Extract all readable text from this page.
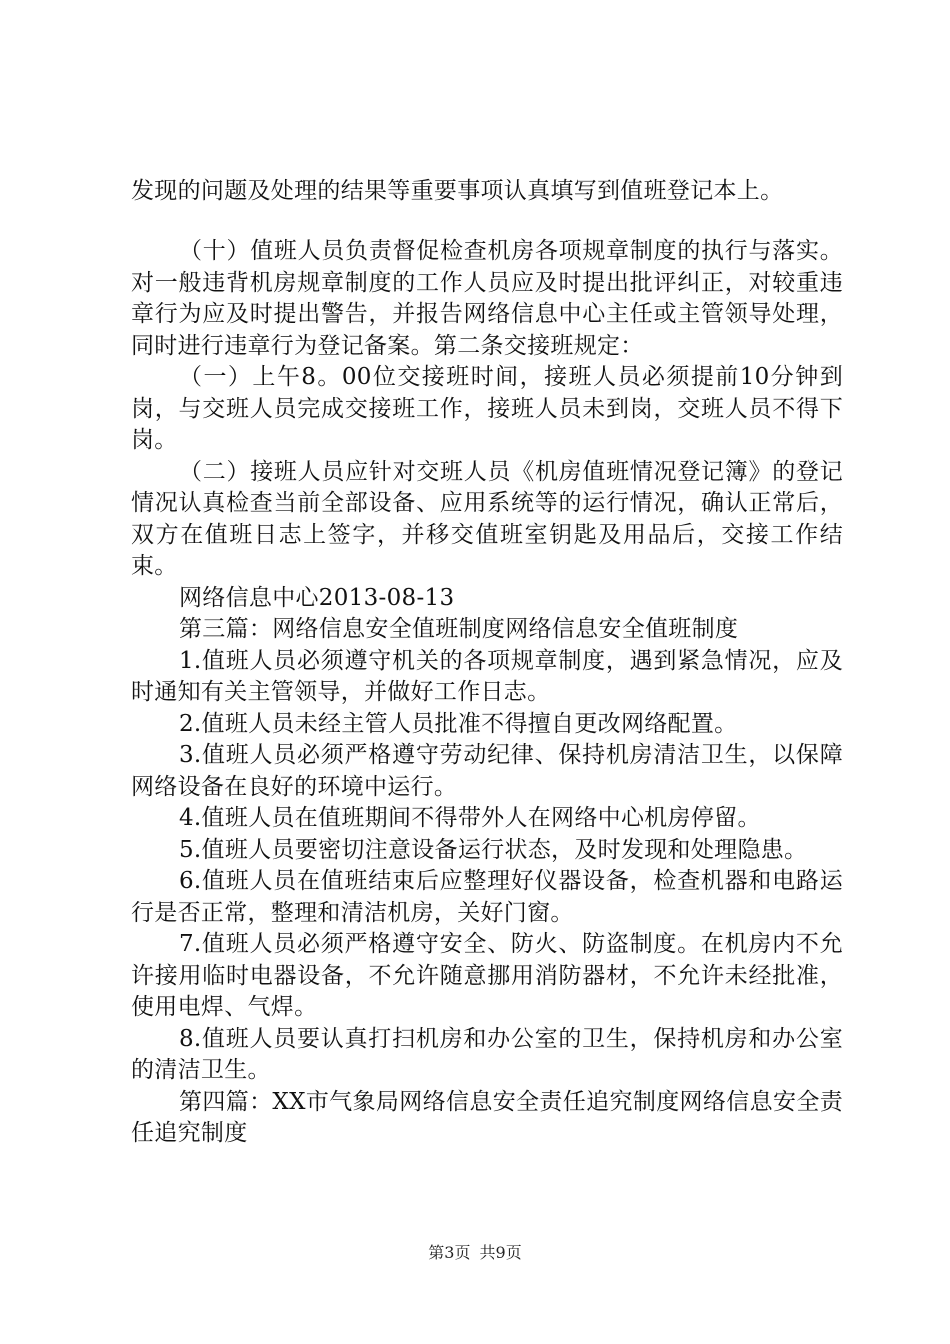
发现的问题及处理的结果等重要事项认真填写到值班登记本上。

（十）值班人员负责督促检查机房各项规章制度的执行与落实。对一般违背机房规章制度的工作人员应及时提出批评纠正，对较重违章行为应及时提出警告，并报告网络信息中心主任或主管领导处理，同时进行违章行为登记备案。第二条交接班规定：

（一）上午8。00位交接班时间，接班人员必须提前10分钟到岗，与交班人员完成交接班工作，接班人员未到岗，交班人员不得下岗。

（二）接班人员应针对交班人员《机房值班情况登记簿》的登记情况认真检查当前全部设备、应用系统等的运行情况，确认正常后，双方在值班日志上签字，并移交值班室钥匙及用品后，交接工作结束。

网络信息中心2013-08-13

第三篇：网络信息安全值班制度网络信息安全值班制度

1.值班人员必须遵守机关的各项规章制度，遇到紧急情况，应及时通知有关主管领导，并做好工作日志。

2.值班人员未经主管人员批准不得擅自更改网络配置。

3.值班人员必须严格遵守劳动纪律、保持机房清洁卫生，以保障网络设备在良好的环境中运行。

4.值班人员在值班期间不得带外人在网络中心机房停留。

5.值班人员要密切注意设备运行状态，及时发现和处理隐患。

6.值班人员在值班结束后应整理好仪器设备，检查机器和电路运行是否正常，整理和清洁机房，关好门窗。

7.值班人员必须严格遵守安全、防火、防盗制度。在机房内不允许接用临时电器设备，不允许随意挪用消防器材，不允许未经批准，使用电焊、气焊。

8.值班人员要认真打扫机房和办公室的卫生，保持机房和办公室的清洁卫生。

第四篇：XX市气象局网络信息安全责任追究制度网络信息安全责任追究制度

第3页 共9页
